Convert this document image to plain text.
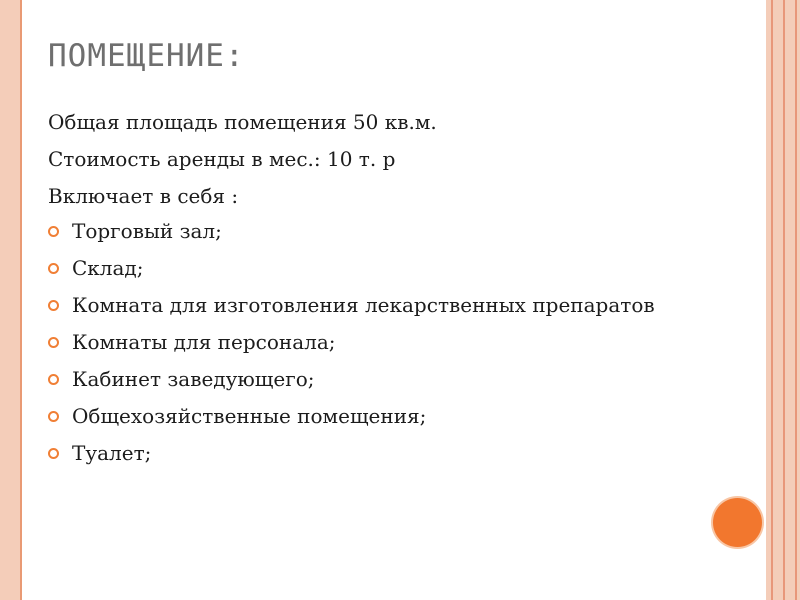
ПОМЕЩЕНИЕ:
Общая площадь помещения 50 кв.м.
Стоимость аренды в мес.: 10 т. р
Включает в себя :
Торговый зал;
Склад;
Комната для изготовления лекарственных препаратов
Комнаты для персонала;
Кабинет заведующего;
Общехозяйственные помещения;
Туалет;
